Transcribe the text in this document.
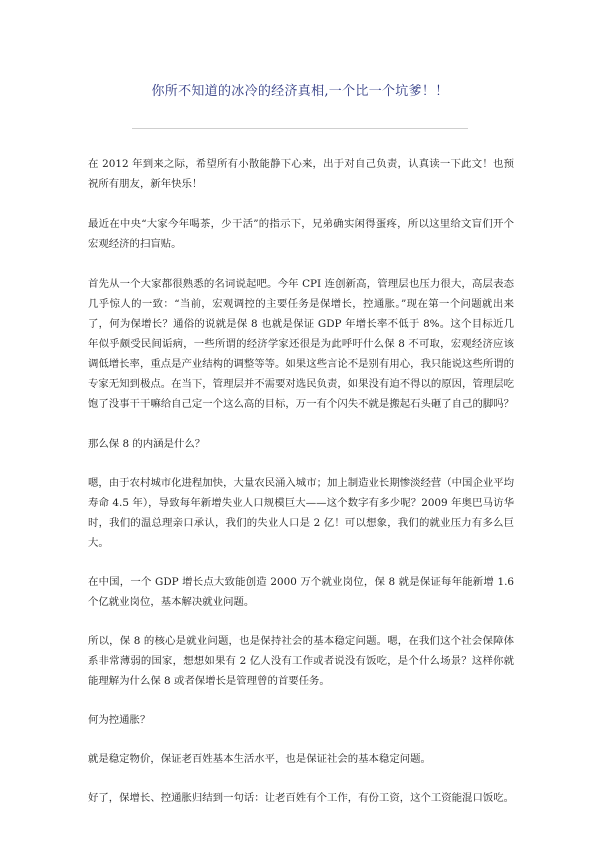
你所不知道的冰冷的经济真相,一个比一个坑爹！！

在 2012 年到来之际，希望所有小散能静下心来，出于对自己负责，认真读一下此文！也预祝所有朋友，新年快乐！

最近在中央“大家今年喝茶，少干活”的指示下，兄弟确实闲得蛋疼，所以这里给文盲们开个宏观经济的扫盲贴。

首先从一个大家都很熟悉的名词说起吧。今年 CPI 连创新高，管理层也压力很大，高层表态几乎惊人的一致：“当前，宏观调控的主要任务是保增长，控通胀。”现在第一个问题就出来了，何为保增长？通俗的说就是保 8 也就是保证 GDP 年增长率不低于 8%。这个目标近几年似乎颇受民间诟病，一些所谓的经济学家还很是为此呼吁什么保 8 不可取，宏观经济应该调低增长率，重点是产业结构的调整等等。如果这些言论不是别有用心，我只能说这些所谓的专家无知到极点。在当下，管理层并不需要对选民负责，如果没有迫不得以的原因，管理层吃饱了没事干干嘛给自己定一个这么高的目标，万一有个闪失不就是搬起石头砸了自己的脚吗？

那么保 8 的内涵是什么？

嗯，由于农村城市化进程加快，大量农民涌入城市；加上制造业长期惨淡经营（中国企业平均寿命 4.5 年），导致每年新增失业人口规模巨大——这个数字有多少呢？2009 年奥巴马访华时，我们的温总理亲口承认，我们的失业人口是 2 亿！可以想象，我们的就业压力有多么巨大。

在中国，一个 GDP 增长点大致能创造 2000 万个就业岗位，保 8 就是保证每年能新增 1.6 个亿就业岗位，基本解决就业问题。

所以，保 8 的核心是就业问题，也是保持社会的基本稳定问题。嗯，在我们这个社会保障体系非常薄弱的国家，想想如果有 2 亿人没有工作或者说没有饭吃，是个什么场景？这样你就能理解为什么保 8 或者保增长是管理曾的首要任务。

何为控通胀？

就是稳定物价，保证老百姓基本生活水平，也是保证社会的基本稳定问题。

好了，保增长、控通胀归结到一句话：让老百姓有个工作，有份工资，这个工资能混口饭吃。
